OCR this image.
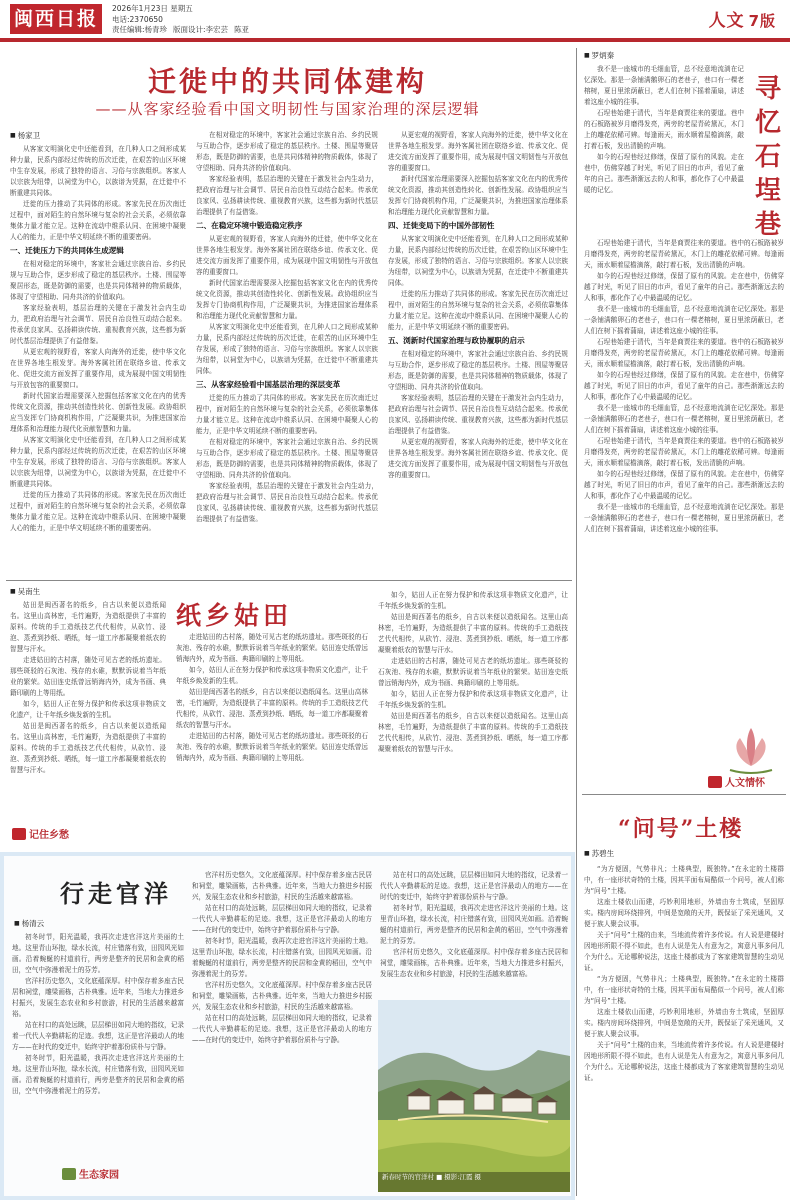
闽西日报	2026年1月23日 星期五
电话:2370650
责任编辑:杨青珍 版面设计:李宏芸 陈亚	人文 7版
迁徙中的共同体建构
——从客家经验看中国文明韧性与国家治理的深层逻辑
■ 杨家卫

从客家文明演化史中还能看到，在几种人口之间形成某种力量，民系内部经过传统的历次迁徙，在艰苦的山区环境中生存发展，形成了独特的语言、习俗与宗族组织。客家人以宗族为纽带，以祠堂为中心，以族谱为凭据，在迁徙中不断重建共同体。

迁徙的压力推动了共同体的形成。客家先民在历次南迁过程中，面对陌生的自然环境与复杂的社会关系，必须依靠集体力量才能立足。这种在流动中维系认同、在困境中凝聚人心的能力，正是中华文明延续不断的重要密码。

一、迁徙压力下的共同体生成逻辑

在相对稳定的环境中，客家社会通过宗族自治、乡约民规与互助合作，逐步形成了稳定的基层秩序。土楼、围屋等聚居形态，既是防御的需要，也是共同体精神的物质载体，体现了守望相助、同舟共济的价值取向。

客家经验表明，基层治理的关键在于激发社会内生动力，把政府治理与社会调节、居民自治良性互动结合起来。传承优良家风、弘扬耕读传统、重视教育兴族，这些都为新时代基层治理提供了有益借鉴。

从更宏观的视野看，客家人向海外的迁徙，使中华文化在世界各地生根发芽。海外客属社团在联络乡谊、传承文化、促进交流方面发挥了重要作用，成为展现中国文明韧性与开放包容的重要窗口。

新时代国家治理需要深入挖掘包括客家文化在内的优秀传统文化资源，推动其创造性转化、创新性发展。政协组织应当发挥专门协商机构作用，广泛凝聚共识，为推进国家治理体系和治理能力现代化贡献智慧和力量。

从客家文明演化史中还能看到，在几种人口之间形成某种力量，民系内部经过传统的历次迁徙，在艰苦的山区环境中生存发展，形成了独特的语言、习俗与宗族组织。客家人以宗族为纽带，以祠堂为中心，以族谱为凭据，在迁徙中不断重建共同体。

迁徙的压力推动了共同体的形成。客家先民在历次南迁过程中，面对陌生的自然环境与复杂的社会关系，必须依靠集体力量才能立足。这种在流动中维系认同、在困境中凝聚人心的能力，正是中华文明延续不断的重要密码。

在相对稳定的环境中，客家社会通过宗族自治、乡约民规与互助合作，逐步形成了稳定的基层秩序。土楼、围屋等聚居形态，既是防御的需要，也是共同体精神的物质载体，体现了守望相助、同舟共济的价值取向。

客家经验表明，基层治理的关键在于激发社会内生动力，把政府治理与社会调节、居民自治良性互动结合起来。传承优良家风、弘扬耕读传统、重视教育兴族，这些都为新时代基层治理提供了有益借鉴。

二、在稳定环境中锻造稳定秩序

从更宏观的视野看，客家人向海外的迁徙，使中华文化在世界各地生根发芽。海外客属社团在联络乡谊、传承文化、促进交流方面发挥了重要作用，成为展现中国文明韧性与开放包容的重要窗口。

新时代国家治理需要深入挖掘包括客家文化在内的优秀传统文化资源，推动其创造性转化、创新性发展。政协组织应当发挥专门协商机构作用，广泛凝聚共识，为推进国家治理体系和治理能力现代化贡献智慧和力量。

从客家文明演化史中还能看到，在几种人口之间形成某种力量，民系内部经过传统的历次迁徙，在艰苦的山区环境中生存发展，形成了独特的语言、习俗与宗族组织。客家人以宗族为纽带，以祠堂为中心，以族谱为凭据，在迁徙中不断重建共同体。

三、从客家经验看中国基层治理的深层变革

迁徙的压力推动了共同体的形成。客家先民在历次南迁过程中，面对陌生的自然环境与复杂的社会关系，必须依靠集体力量才能立足。这种在流动中维系认同、在困境中凝聚人心的能力，正是中华文明延续不断的重要密码。

在相对稳定的环境中，客家社会通过宗族自治、乡约民规与互助合作，逐步形成了稳定的基层秩序。土楼、围屋等聚居形态，既是防御的需要，也是共同体精神的物质载体，体现了守望相助、同舟共济的价值取向。

客家经验表明，基层治理的关键在于激发社会内生动力，把政府治理与社会调节、居民自治良性互动结合起来。传承优良家风、弘扬耕读传统、重视教育兴族，这些都为新时代基层治理提供了有益借鉴。

从更宏观的视野看，客家人向海外的迁徙，使中华文化在世界各地生根发芽。海外客属社团在联络乡谊、传承文化、促进交流方面发挥了重要作用，成为展现中国文明韧性与开放包容的重要窗口。

新时代国家治理需要深入挖掘包括客家文化在内的优秀传统文化资源，推动其创造性转化、创新性发展。政协组织应当发挥专门协商机构作用，广泛凝聚共识，为推进国家治理体系和治理能力现代化贡献智慧和力量。

四、迁徙变局下的中国外部韧性

从客家文明演化史中还能看到，在几种人口之间形成某种力量，民系内部经过传统的历次迁徙，在艰苦的山区环境中生存发展，形成了独特的语言、习俗与宗族组织。客家人以宗族为纽带，以祠堂为中心，以族谱为凭据，在迁徙中不断重建共同体。

迁徙的压力推动了共同体的形成。客家先民在历次南迁过程中，面对陌生的自然环境与复杂的社会关系，必须依靠集体力量才能立足。这种在流动中维系认同、在困境中凝聚人心的能力，正是中华文明延续不断的重要密码。

五、浏新时代国家治理与政协履职的启示

在相对稳定的环境中，客家社会通过宗族自治、乡约民规与互助合作，逐步形成了稳定的基层秩序。土楼、围屋等聚居形态，既是防御的需要，也是共同体精神的物质载体，体现了守望相助、同舟共济的价值取向。

客家经验表明，基层治理的关键在于激发社会内生动力，把政府治理与社会调节、居民自治良性互动结合起来。传承优良家风、弘扬耕读传统、重视教育兴族，这些都为新时代基层治理提供了有益借鉴。

从更宏观的视野看，客家人向海外的迁徙，使中华文化在世界各地生根发芽。海外客属社团在联络乡谊、传承文化、促进交流方面发挥了重要作用，成为展现中国文明韧性与开放包容的重要窗口。

■ 罗炳秦
寻忆石埕巷

我不是一座城市的毛细血管，总不经意地流淌在记忆深处。那是一条铺满鹅卵石的老巷子，巷口有一棵老榕树，夏日里浓荫蔽日，老人们在树下摇着蒲扇，讲述着这座小城的往事。

石埕巷始建于清代，当年是商贾往来的要道。巷中的石板路被岁月磨得发亮，两旁的老屋青砖黛瓦，木门上的雕花依稀可辨。每逢雨天，雨水顺着屋檐滴落，敲打着石板，发出清脆的声响。

如今的石埕巷经过修缮，保留了原有的风貌。走在巷中，仿佛穿越了时光，听见了旧日的市声，看见了童年的自己。那些渐渐远去的人和事，都化作了心中最温暖的记忆。

石埕巷始建于清代，当年是商贾往来的要道。巷中的石板路被岁月磨得发亮，两旁的老屋青砖黛瓦，木门上的雕花依稀可辨。每逢雨天，雨水顺着屋檐滴落，敲打着石板，发出清脆的声响。

如今的石埕巷经过修缮，保留了原有的风貌。走在巷中，仿佛穿越了时光，听见了旧日的市声，看见了童年的自己。那些渐渐远去的人和事，都化作了心中最温暖的记忆。

我不是一座城市的毛细血管，总不经意地流淌在记忆深处。那是一条铺满鹅卵石的老巷子，巷口有一棵老榕树，夏日里浓荫蔽日，老人们在树下摇着蒲扇，讲述着这座小城的往事。

石埕巷始建于清代，当年是商贾往来的要道。巷中的石板路被岁月磨得发亮，两旁的老屋青砖黛瓦，木门上的雕花依稀可辨。每逢雨天，雨水顺着屋檐滴落，敲打着石板，发出清脆的声响。

如今的石埕巷经过修缮，保留了原有的风貌。走在巷中，仿佛穿越了时光，听见了旧日的市声，看见了童年的自己。那些渐渐远去的人和事，都化作了心中最温暖的记忆。

我不是一座城市的毛细血管，总不经意地流淌在记忆深处。那是一条铺满鹅卵石的老巷子，巷口有一棵老榕树，夏日里浓荫蔽日，老人们在树下摇着蒲扇，讲述着这座小城的往事。

石埕巷始建于清代，当年是商贾往来的要道。巷中的石板路被岁月磨得发亮，两旁的老屋青砖黛瓦，木门上的雕花依稀可辨。每逢雨天，雨水顺着屋檐滴落，敲打着石板，发出清脆的声响。

如今的石埕巷经过修缮，保留了原有的风貌。走在巷中，仿佛穿越了时光，听见了旧日的市声，看见了童年的自己。那些渐渐远去的人和事，都化作了心中最温暖的记忆。

我不是一座城市的毛细血管，总不经意地流淌在记忆深处。那是一条铺满鹅卵石的老巷子，巷口有一棵老榕树，夏日里浓荫蔽日，老人们在树下摇着蒲扇，讲述着这座小城的往事。

人文情怀
“问号”土楼
■ 苏碧生

“为方便固，气势非凡；土楼典型，既独特。”在永定的土楼群中，有一座形状奇特的土楼，因其平面布局酷似一个问号，被人们称为“问号”土楼。

这座土楼依山而建，巧妙利用地形，外墙由夯土筑成，坚固厚实。楼内房间环绕排列，中间是宽敞的天井，既保证了采光通风，又便于族人聚会议事。

关于“问号”土楼的由来，当地流传着许多传说。有人说是建楼时因地形所限不得不如此，也有人说是先人有意为之，寓意凡事多问几个为什么。无论哪种说法，这座土楼都成为了客家建筑智慧的生动见证。

“为方便固，气势非凡；土楼典型，既独特。”在永定的土楼群中，有一座形状奇特的土楼，因其平面布局酷似一个问号，被人们称为“问号”土楼。

这座土楼依山而建，巧妙利用地形，外墙由夯土筑成，坚固厚实。楼内房间环绕排列，中间是宽敞的天井，既保证了采光通风，又便于族人聚会议事。

关于“问号”土楼的由来，当地流传着许多传说。有人说是建楼时因地形所限不得不如此，也有人说是先人有意为之，寓意凡事多问几个为什么。无论哪种说法，这座土楼都成为了客家建筑智慧的生动见证。

■ 吴南生

姑田是闽西著名的纸乡，自古以来便以造纸闻名。这里山高林密，毛竹遍野，为造纸提供了丰富的原料。传统的手工造纸技艺代代相传，从砍竹、浸泡、蒸煮到抄纸、晒纸，每一道工序都凝聚着纸农的智慧与汗水。

走进姑田的古村落，随处可见古老的纸坊遗址。那些斑驳的石灰池、残存的水碓，默默诉说着当年纸业的繁荣。姑田连史纸曾远销海内外，成为书画、典籍印刷的上等用纸。

如今，姑田人正在努力保护和传承这项非物质文化遗产，让千年纸乡焕发新的生机。

姑田是闽西著名的纸乡，自古以来便以造纸闻名。这里山高林密，毛竹遍野，为造纸提供了丰富的原料。传统的手工造纸技艺代代相传，从砍竹、浸泡、蒸煮到抄纸、晒纸，每一道工序都凝聚着纸农的智慧与汗水。

记住乡愁
纸乡姑田

走进姑田的古村落，随处可见古老的纸坊遗址。那些斑驳的石灰池、残存的水碓，默默诉说着当年纸业的繁荣。姑田连史纸曾远销海内外，成为书画、典籍印刷的上等用纸。

如今，姑田人正在努力保护和传承这项非物质文化遗产，让千年纸乡焕发新的生机。

姑田是闽西著名的纸乡，自古以来便以造纸闻名。这里山高林密，毛竹遍野，为造纸提供了丰富的原料。传统的手工造纸技艺代代相传，从砍竹、浸泡、蒸煮到抄纸、晒纸，每一道工序都凝聚着纸农的智慧与汗水。

走进姑田的古村落，随处可见古老的纸坊遗址。那些斑驳的石灰池、残存的水碓，默默诉说着当年纸业的繁荣。姑田连史纸曾远销海内外，成为书画、典籍印刷的上等用纸。

如今，姑田人正在努力保护和传承这项非物质文化遗产，让千年纸乡焕发新的生机。

姑田是闽西著名的纸乡，自古以来便以造纸闻名。这里山高林密，毛竹遍野，为造纸提供了丰富的原料。传统的手工造纸技艺代代相传，从砍竹、浸泡、蒸煮到抄纸、晒纸，每一道工序都凝聚着纸农的智慧与汗水。

走进姑田的古村落，随处可见古老的纸坊遗址。那些斑驳的石灰池、残存的水碓，默默诉说着当年纸业的繁荣。姑田连史纸曾远销海内外，成为书画、典籍印刷的上等用纸。

如今，姑田人正在努力保护和传承这项非物质文化遗产，让千年纸乡焕发新的生机。

姑田是闽西著名的纸乡，自古以来便以造纸闻名。这里山高林密，毛竹遍野，为造纸提供了丰富的原料。传统的手工造纸技艺代代相传，从砍竹、浸泡、蒸煮到抄纸、晒纸，每一道工序都凝聚着纸农的智慧与汗水。

行走官洋
■ 杨清云

初冬时节，阳光温暖，我再次走进官洋这片美丽的土地。这里青山环抱，绿水长流，村庄错落有致，田园风光如画。沿着蜿蜒的村道前行，两旁是整齐的民居和金黄的稻田，空气中弥漫着泥土的芬芳。

官洋村历史悠久，文化底蕴深厚。村中保存着多座古民居和祠堂，雕梁画栋，古朴典雅。近年来，当地大力推进乡村振兴，发展生态农业和乡村旅游，村民的生活越来越富裕。

站在村口的高处远眺，层层梯田如同大地的指纹，记录着一代代人辛勤耕耘的足迹。我想，这正是官洋最动人的地方——在时代的变迁中，始终守护着那份质朴与宁静。

初冬时节，阳光温暖，我再次走进官洋这片美丽的土地。这里青山环抱，绿水长流，村庄错落有致，田园风光如画。沿着蜿蜒的村道前行，两旁是整齐的民居和金黄的稻田，空气中弥漫着泥土的芬芳。

生态家园

官洋村历史悠久，文化底蕴深厚。村中保存着多座古民居和祠堂，雕梁画栋，古朴典雅。近年来，当地大力推进乡村振兴，发展生态农业和乡村旅游，村民的生活越来越富裕。

站在村口的高处远眺，层层梯田如同大地的指纹，记录着一代代人辛勤耕耘的足迹。我想，这正是官洋最动人的地方——在时代的变迁中，始终守护着那份质朴与宁静。

初冬时节，阳光温暖，我再次走进官洋这片美丽的土地。这里青山环抱，绿水长流，村庄错落有致，田园风光如画。沿着蜿蜒的村道前行，两旁是整齐的民居和金黄的稻田，空气中弥漫着泥土的芬芳。

官洋村历史悠久，文化底蕴深厚。村中保存着多座古民居和祠堂，雕梁画栋，古朴典雅。近年来，当地大力推进乡村振兴，发展生态农业和乡村旅游，村民的生活越来越富裕。

站在村口的高处远眺，层层梯田如同大地的指纹，记录着一代代人辛勤耕耘的足迹。我想，这正是官洋最动人的地方——在时代的变迁中，始终守护着那份质朴与宁静。

站在村口的高处远眺，层层梯田如同大地的指纹，记录着一代代人辛勤耕耘的足迹。我想，这正是官洋最动人的地方——在时代的变迁中，始终守护着那份质朴与宁静。

初冬时节，阳光温暖，我再次走进官洋这片美丽的土地。这里青山环抱，绿水长流，村庄错落有致，田园风光如画。沿着蜿蜒的村道前行，两旁是整齐的民居和金黄的稻田，空气中弥漫着泥土的芬芳。

官洋村历史悠久，文化底蕴深厚。村中保存着多座古民居和祠堂，雕梁画栋，古朴典雅。近年来，当地大力推进乡村振兴，发展生态农业和乡村旅游，村民的生活越来越富裕。

新春时节的官洋村 ■ 摄影:江霞 摄
